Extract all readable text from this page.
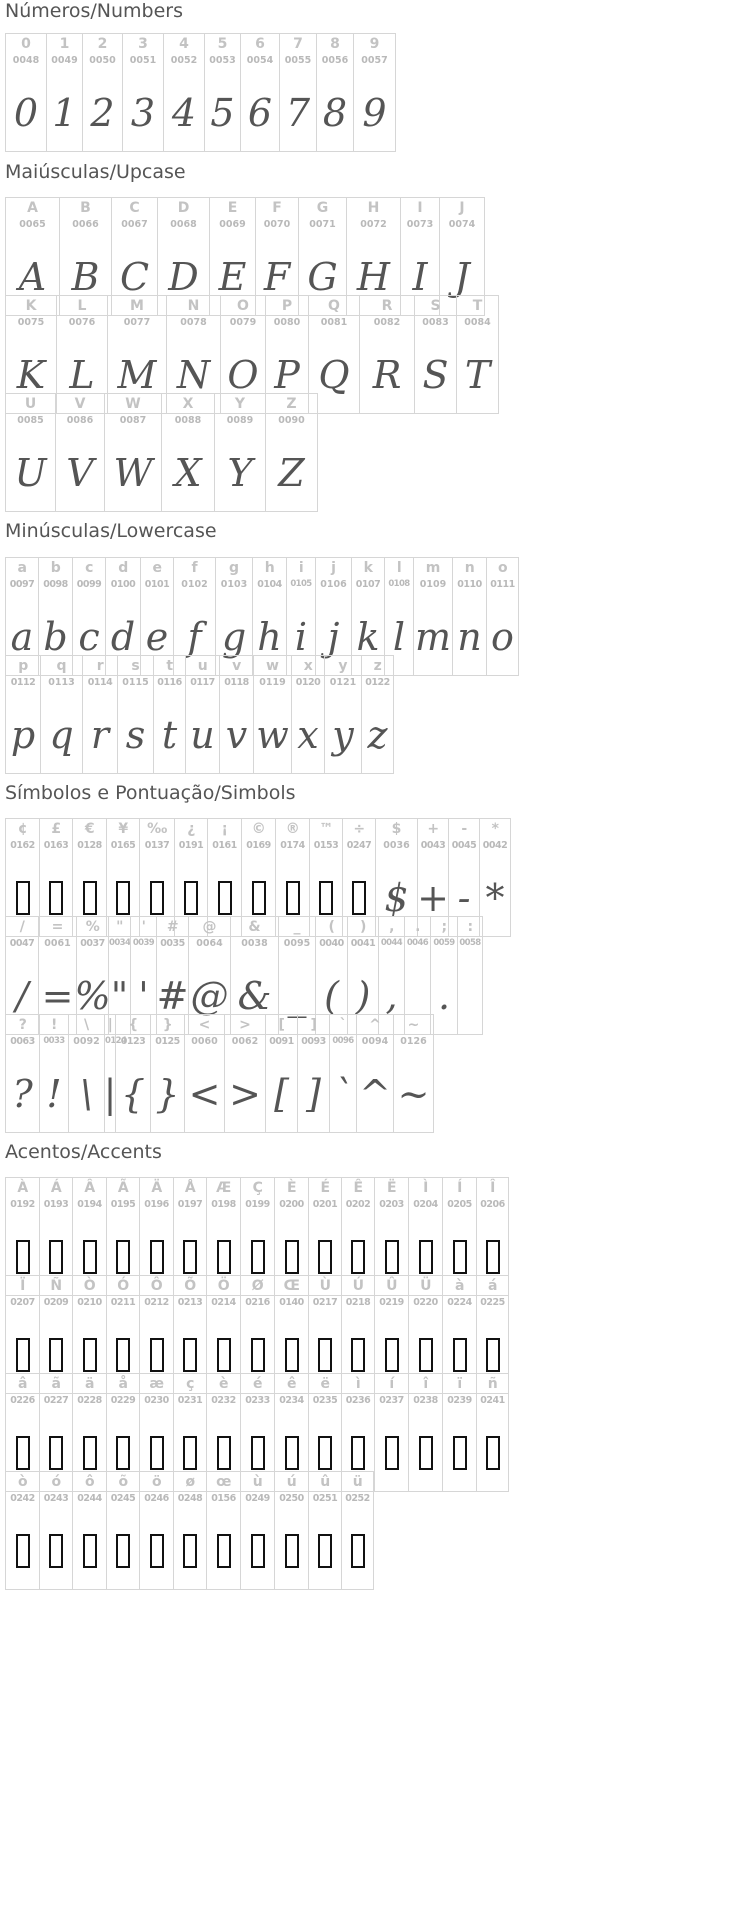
Números/Numbers
0
0048
0
1
0049
1
2
0050
2
3
0051
3
4
0052
4
5
0053
5
6
0054
6
7
0055
7
8
0056
8
9
0057
9
Maiúsculas/Upcase
A
0065
A
B
0066
B
C
0067
C
D
0068
D
E
0069
E
F
0070
F
G
0071
G
H
0072
H
I
0073
I
J
0074
J
K
0075
K
L
0076
L
M
0077
M
N
0078
N
O
0079
O
P
0080
P
Q
0081
Q
R
0082
R
S
0083
S
T
0084
T
U
0085
U
V
0086
V
W
0087
W
X
0088
X
Y
0089
Y
Z
0090
Z
Minúsculas/Lowercase
a
0097
a
b
0098
b
c
0099
c
d
0100
d
e
0101
e
f
0102
f
g
0103
g
h
0104
h
i
0105
i
j
0106
j
k
0107
k
l
0108
l
m
0109
m
n
0110
n
o
0111
o
p
0112
p
q
0113
q
r
0114
r
s
0115
s
t
0116
t
u
0117
u
v
0118
v
w
0119
w
x
0120
x
y
0121
y
z
0122
z
Símbolos e Pontuação/Simbols
¢
0162
£
0163
€
0128
¥
0165
‰
0137
¿
0191
¡
0161
©
0169
®
0174
™
0153
÷
0247
$
0036
$
+
0043
+
-
0045
-
*
0042
*
/
0047
/
=
0061
=
%
0037
%
"
0034
"
'
0039
'
#
0035
#
@
0064
@
&
0038
&
_
0095
_
(
0040
(
)
0041
)
,
0044
,
.
0046
;
0059
.
:
0058
?
0063
?
!
0033
!
\
0092
\
|
0124
|
{
0123
{
}
0125
}
<
0060
<
>
0062
>
[
0091
[
]
0093
]
`
0096
`
^
0094
^
~
0126
~
Acentos/Accents
À
0192
Á
0193
Â
0194
Ã
0195
Ä
0196
Å
0197
Æ
0198
Ç
0199
È
0200
É
0201
Ê
0202
Ë
0203
Ì
0204
Í
0205
Î
0206
Ï
0207
Ñ
0209
Ò
0210
Ó
0211
Ô
0212
Õ
0213
Ö
0214
Ø
0216
Œ
0140
Ù
0217
Ú
0218
Û
0219
Ü
0220
à
0224
á
0225
â
0226
ã
0227
ä
0228
å
0229
æ
0230
ç
0231
è
0232
é
0233
ê
0234
ë
0235
ì
0236
í
0237
î
0238
ï
0239
ñ
0241
ò
0242
ó
0243
ô
0244
õ
0245
ö
0246
ø
0248
œ
0156
ù
0249
ú
0250
û
0251
ü
0252
